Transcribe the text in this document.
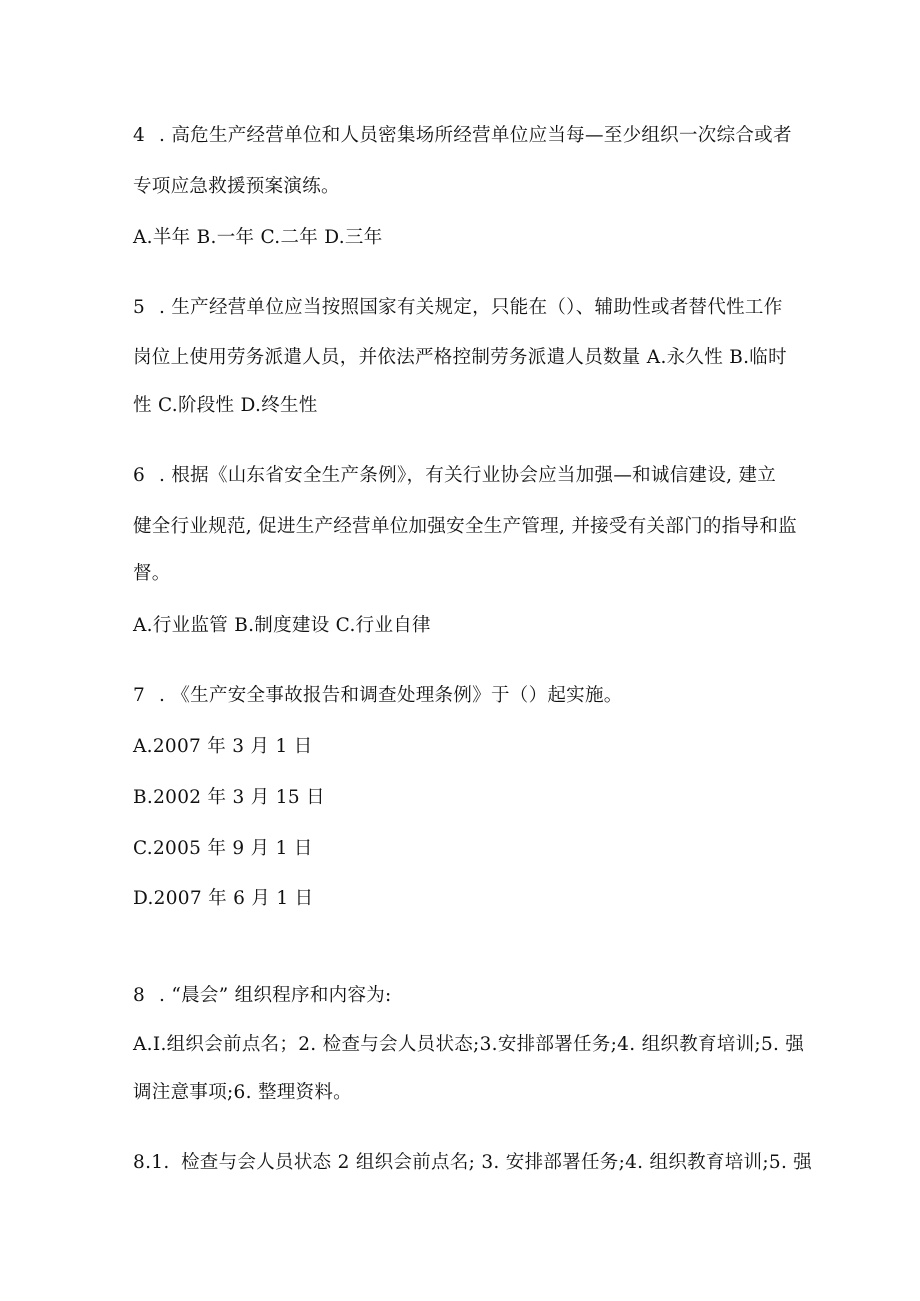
4 . 高危生产经营单位和人员密集场所经营单位应当每—至少组织一次综合或者
专项应急救援预案演练。
A.半年 B.一年 C.二年 D.三年
5 . 生产经营单位应当按照国家有关规定，只能在（）、辅助性或者替代性工作
岗位上使用劳务派遣人员，并依法严格控制劳务派遣人员数量 A.永久性 B.临时
性 C.阶段性 D.终生性
6 . 根据《山东省安全生产条例》，有关行业协会应当加强—和诚信建设, 建立
健全行业规范, 促进生产经营单位加强安全生产管理, 并接受有关部门的指导和监
督。
A.行业监管 B.制度建设 C.行业自律
7 . 《生产安全事故报告和调查处理条例》于（）起实施。
A.2007 年 3 月 1 日
B.2002 年 3 月 15 日
C.2005 年 9 月 1 日
D.2007 年 6 月 1 日
8 . “晨会” 组织程序和内容为:
A.I.组织会前点名；2. 检查与会人员状态;3.安排部署任务;4. 组织教育培训;5. 强
调注意事项;6. 整理资料。
8.1. 检查与会人员状态 2 组织会前点名; 3. 安排部署任务;4. 组织教育培训;5. 强
